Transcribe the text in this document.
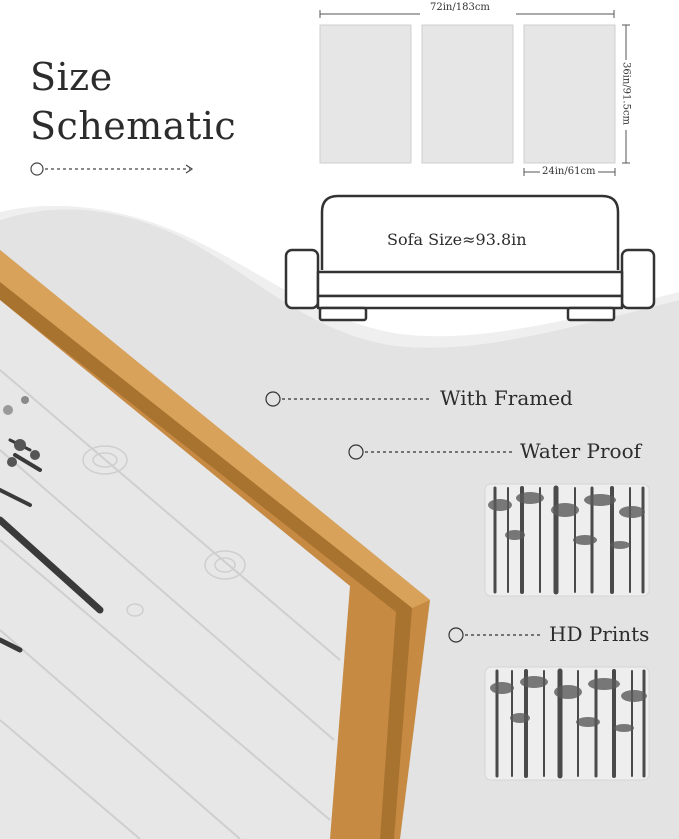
Size
Schematic
72in/183cm
36in/91.5cm
24in/61cm
Sofa Size≈93.8in
With Framed
Water Proof
HD Prints
